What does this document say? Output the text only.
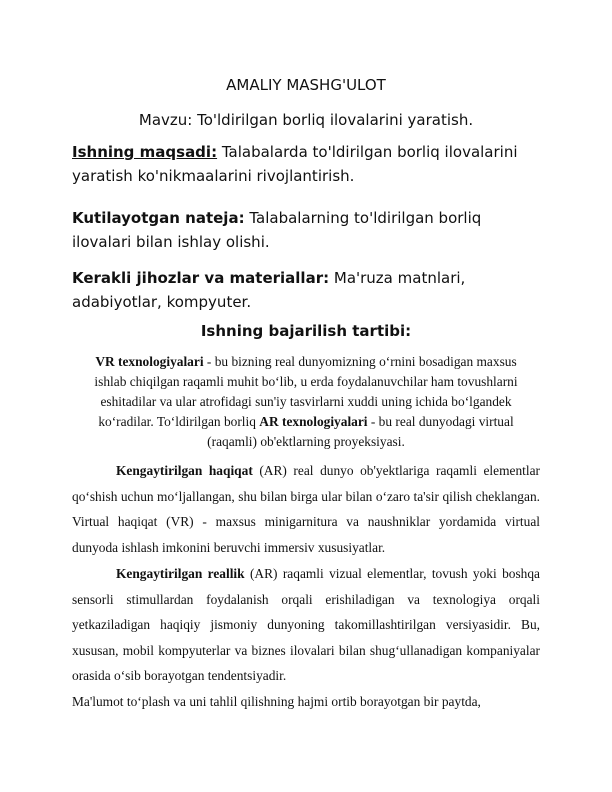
AMALIY MASHG'ULOT
Mavzu: To'ldirilgan borliq ilovalarini yaratish.
Ishning maqsadi: Talabalarda to'ldirilgan borliq ilovalarini yaratish ko'nikmaalarini rivojlantirish.
Kutilayotgan nateja: Talabalarning to'ldirilgan borliq ilovalari bilan ishlay olishi.
Kerakli jihozlar va materiallar: Ma'ruza matnlari, adabiyotlar, kompyuter.
Ishning bajarilish tartibi:
VR texnologiyalari - bu bizning real dunyomizning o‘rnini bosadigan maxsus ishlab chiqilgan raqamli muhit bo‘lib, u erda foydalanuvchilar ham tovushlarni eshitadilar va ular atrofidagi sun'iy tasvirlarni xuddi uning ichida bo‘lgandek ko‘radilar. To‘ldirilgan borliq AR texnologiyalari - bu real dunyodagi virtual (raqamli) ob'ektlarning proyeksiyasi.
Kengaytirilgan haqiqat (AR) real dunyo ob'yektlariga raqamli elementlar qo‘shish uchun mo‘ljallangan, shu bilan birga ular bilan o‘zaro ta'sir qilish cheklangan. Virtual haqiqat (VR) - maxsus minigarnitura va naushniklar yordamida virtual dunyoda ishlash imkonini beruvchi immersiv xususiyatlar.
Kengaytirilgan reallik (AR) raqamli vizual elementlar, tovush yoki boshqa sensorli stimullardan foydalanish orqali erishiladigan va texnologiya orqali yetkaziladigan haqiqiy jismoniy dunyoning takomillashtirilgan versiyasidir. Bu, xususan, mobil kompyuterlar va biznes ilovalari bilan shug‘ullanadigan kompaniyalar orasida o‘sib borayotgan tendentsiyadir.
Ma'lumot to‘plash va uni tahlil qilishning hajmi ortib borayotgan bir paytda,
